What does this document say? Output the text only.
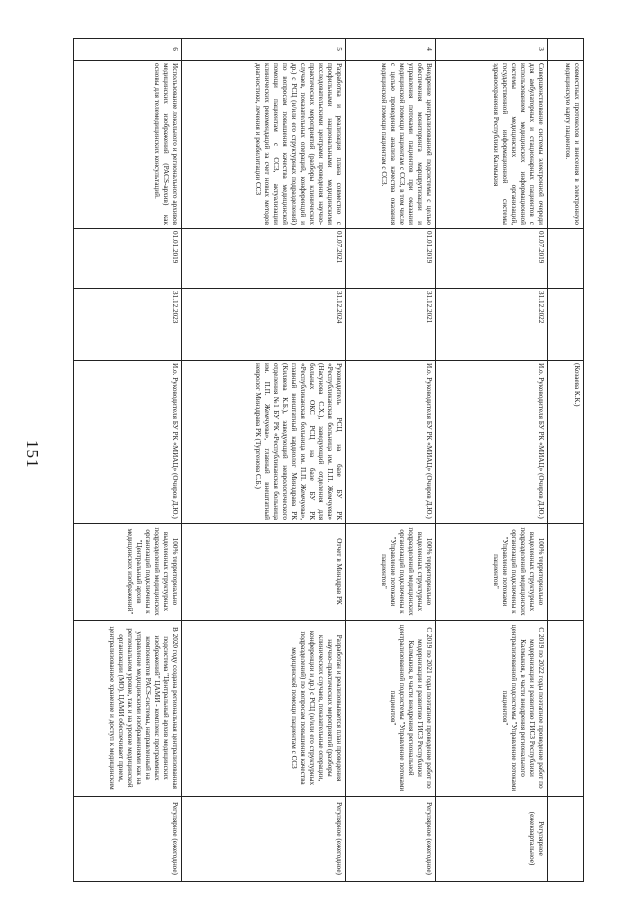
совместных протоколов и внесения в электронную медицинскую карту пациентов.
(Козаева К.К.)
3
Совершенствование системы электронной очереди для амбулаторных и стационарных пациентов с использованием медицинских информационной системы медицинских организаций, государственной информационной системы здравоохранения Республики Калмыкия
01.07.2019
31.12.2022
И.о. Руководителя БУ РК «МИАЦ» (Очиров Д.Ю.)
100% территориально выделенных структурных подразделений медицинских организаций подключены к "Управление потоками пациентов"
С 2019 по 2022 годы поэтапное проведение работ по модернизации и развитию ГИСЗ Республики Калмыкия, в части внедрения регионального централизованной подсистемы "Управление потоками пациентов"
Регулярное (ежеквартальное)
4
Внедрение централизованной подсистемы с целью обеспечения мониторинга маршрутизации и управления потоками пациентов при оказании медицинской помощи пациентам с ССЗ, в том числе с целью проведения анализа качества оказания медицинской помощи пациентам с ССЗ.
01.01.2019
31.12.2021
И.о. Руководителя БУ РК «МИАЦ» (Очиров Д.Ю.)
100% территориально выделенных структурных подразделений медицинских организаций подключены к "Управление потоками пациентов"
С 2019 по 2021 годы поэтапное проведение работ по модернизации и развитию ГИСЗ Республики Калмыкия, в части внедрения региональной централизованной подсистемы "Управление потоками пациентов"
Регулярное (ежегодное)
5
Разработка и реализация плана совместно с профильными национальными медицинскими исследовательскими центрами проведения научно-практических мероприятий (разборы клинических случаев, показательных операций, конференций и др.) с РСЦ (и/или его структурных подразделений) по вопросам повышения качества медицинской помощи пациентам с ССЗ, актуализации клинических рекомендаций за счет новых методов диагностики, лечения и реабилитации ССЗ
01.07.2021
31.12.2024
Руководитель РСЦ на базе БУ РК «Республиканская больница им. П.П. Жемчуева» (Насунова С.Х.), заведующий отделения для больных ОКС РСЦ на базе БУ РК «Республиканская больница им. П.П. Жемчуева», главный внештатный кардиолог Минздрава РК (Киляева К.Б.), заведующий неврологического отделения №1 БУ РК «Республиканская больница им. П.П. Жемчуева», главный внештатный невролог Минздрава РК (Тургенова С.Б.)
Отчет в Минздрав РК
Разработан и реализовывается план проведения научно-практических мероприятий (разборы клинических случаев, показательные операции, конференции и др.) с РСЦ (и/или его структурных подразделений) по вопросам повышения качества медицинской помощи пациентам с ССЗ
Регулярное (ежегодное)
6
Использование локального и регионального архивов медицинских изображений (PACS-архив) как основы для телемедицинских консультаций.
01.01.2019
31.12.2023
И.о. Руководителя БУ РК «МИАЦ» (Очиров Д.Ю.)
100% территориально выделенных структурных подразделений медицинских организаций подключены к "Центральный архив медицинских изображений"
В 2020 году создана региональная централизованная подсистема "Центральный архив медицинских изображений" ЦАМИ - комплекс программных компонентов PACS-системы, направленный на управление медицинскими изображениями как на региональном уровне, так и на уровне медицинской организации (МО). ЦАМИ обеспечивает прием, централизованное хранение и доступ к медицинским
Регулярное (ежегодное)
151
